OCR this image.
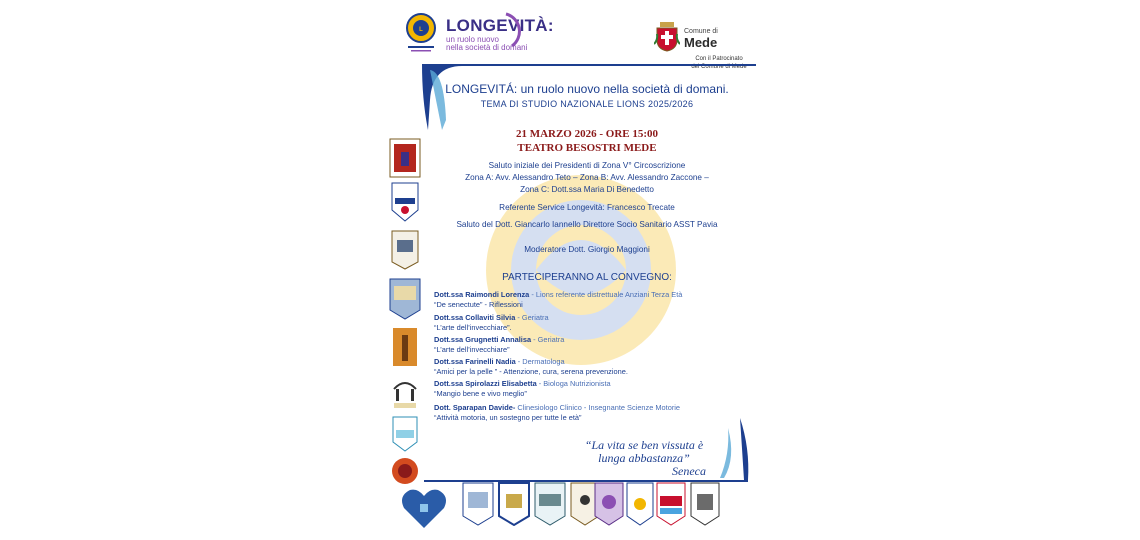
L LONGEVITÀ:
un ruolo nuovo
nella società di domani
Comune di
Mede
Con il Patrocinato
del Comune di Mede
LONGEVITÁ: un ruolo nuovo nella società di domani.
TEMA DI STUDIO NAZIONALE LIONS 2025/2026
21 MARZO 2026 - ORE 15:00
TEATRO BESOSTRI MEDE
Saluto iniziale dei Presidenti di Zona V° Circoscrizione
Zona A: Avv. Alessandro Teto – Zona B: Avv. Alessandro Zaccone –
Zona C: Dott.ssa Maria Di Benedetto
Referente Service Longevità: Francesco Trecate
Saluto del Dott. Giancarlo Iannello Direttore Socio Sanitario ASST Pavia
Moderatore Dott. Giorgio Maggioni
PARTECIPERANNO AL CONVEGNO:
Dott.ssa Raimondi Lorenza - Lions referente distrettuale Anziani Terza Età
“De senectute” - Riflessioni
Dott.ssa Collaviti Silvia - Geriatra
“L’arte dell’invecchiare”.
Dott.ssa Grugnetti Annalisa - Geriatra
“L’arte dell’invecchiare”
Dott.ssa Farinelli Nadia - Dermatologa
“Amici per la pelle ” - Attenzione, cura, serena prevenzione.
Dott.ssa Spirolazzi Elisabetta - Biologa Nutrizionista
“Mangio bene e vivo meglio”
Dott. Sparapan Davide- Clinesiologo Clinico - Insegnante Scienze Motorie
“Attività motoria, un sostegno per tutte le età”
“La vita se ben vissuta è
lunga abbastanza”
Seneca
